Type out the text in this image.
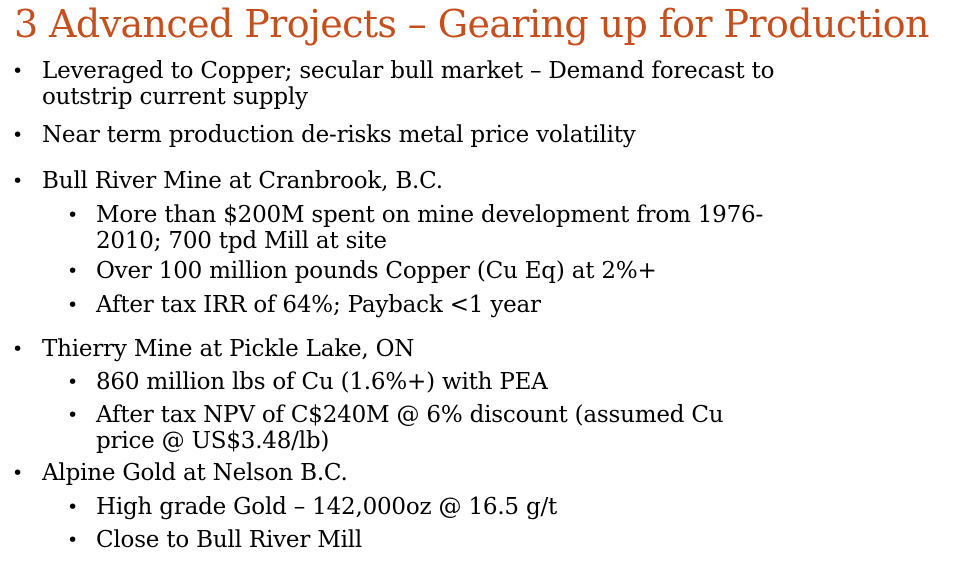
3 Advanced Projects – Gearing up for Production
• Leveraged to Copper; secular bull market – Demand forecast to
outstrip current supply
• Near term production de-risks metal price volatility
• Bull River Mine at Cranbrook, B.C.
• More than $200M spent on mine development from 1976-
2010; 700 tpd Mill at site
• Over 100 million pounds Copper (Cu Eq) at 2%+
• After tax IRR of 64%; Payback <1 year
• Thierry Mine at Pickle Lake, ON
• 860 million lbs of Cu (1.6%+) with PEA
• After tax NPV of C$240M @ 6% discount (assumed Cu
price @ US$3.48/lb)
• Alpine Gold at Nelson B.C.
• High grade Gold – 142,000oz @ 16.5 g/t
• Close to Bull River Mill
